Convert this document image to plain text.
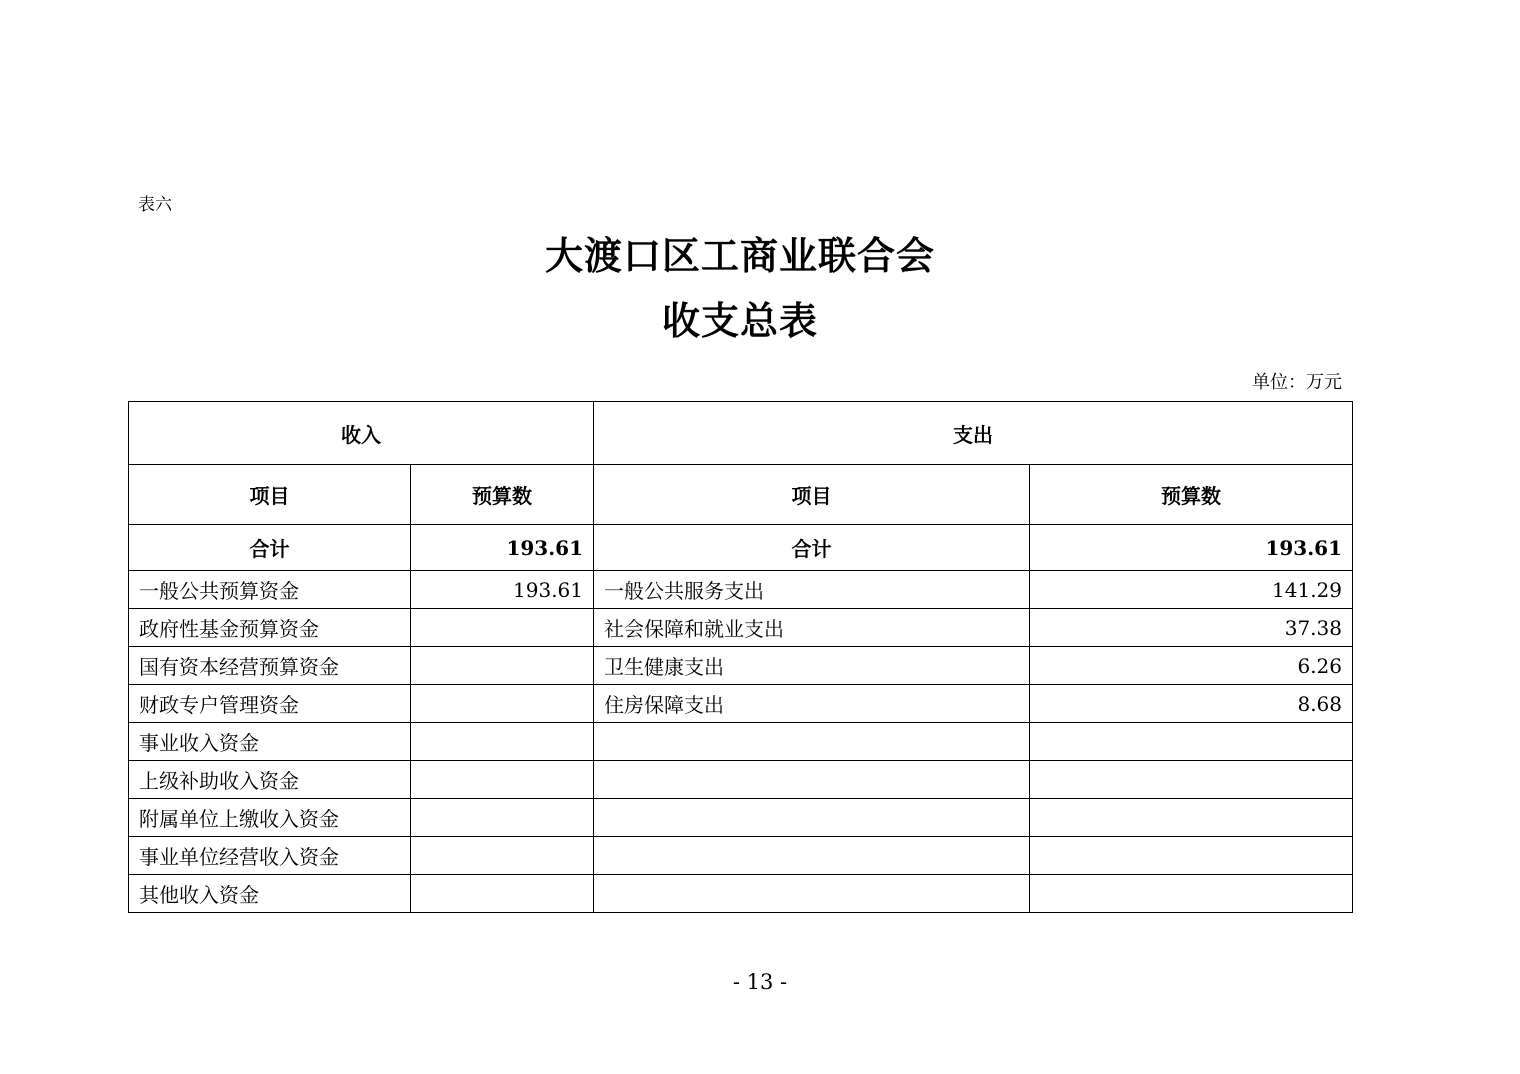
表六
大渡口区工商业联合会
收支总表
单位：万元
收入		支出	
项目	预算数	项目	预算数
合计	193.61	合计	193.61
一般公共预算资金	193.61	一般公共服务支出	141.29
政府性基金预算资金		社会保障和就业支出	37.38
国有资本经营预算资金		卫生健康支出	6.26
财政专户管理资金		住房保障支出	8.68
事业收入资金			
上级补助收入资金			
附属单位上缴收入资金			
事业单位经营收入资金			
其他收入资金			
- 13 -
